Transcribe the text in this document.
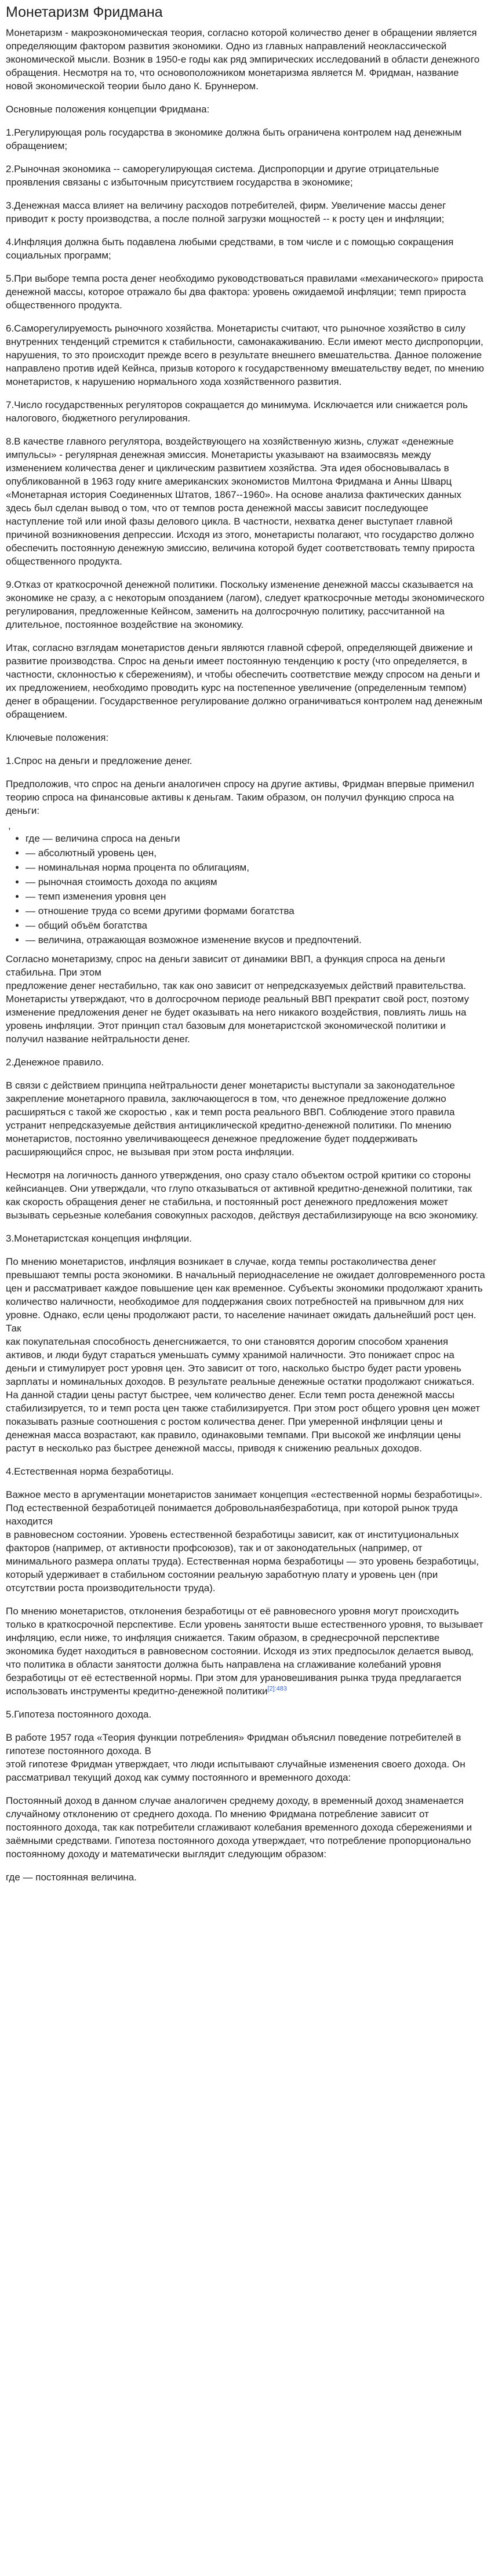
Монетаризм Фридмана

Монетаризм - макроэкономическая теория, согласно которой количество денег в обращении является определяющим фактором развития экономики. Одно из главных направлений неоклассической экономической мысли. Возник в 1950-е годы как ряд эмпирических исследований в области денежного обращения. Несмотря на то, что основоположником монетаризма является М. Фридман, название новой экономической теории было дано К. Бруннером.

Основные положения концепции Фридмана:

1.Регулирующая роль государства в экономике должна быть ограничена контролем над денежным обращением;

2.Рыночная экономика -- саморегулирующая система. Диспропорции и другие отрицательные проявления связаны с избыточным присутствием государства в экономике;

3.Денежная масса влияет на величину расходов потребителей, фирм. Увеличение массы денег приводит к росту производства, а после полной загрузки мощностей -- к росту цен и инфляции;

4.Инфляция должна быть подавлена любыми средствами, в том числе и с помощью сокращения социальных программ;

5.При выборе темпа роста денег необходимо руководствоваться правилами «механического» прироста денежной массы, которое отражало бы два фактора: уровень ожидаемой инфляции; темп прироста общественного продукта.

6.Саморегулируемость рыночного хозяйства. Монетаристы считают, что рыночное хозяйство в силу внутренних тенденций стремится к стабильности, самонакаживанию. Если имеют место диспропорции, нарушения, то это происходит прежде всего в результате внешнего вмешательства. Данное положение направлено против идей Кейнса, призыв которого к государственному вмешательству ведет, по мнению монетаристов, к нарушению нормального хода хозяйственного развития.

7.Число государственных регуляторов сокращается до минимума. Исключается или снижается роль налогового, бюджетного регулирования.

8.В качестве главного регулятора, воздействующего на хозяйственную жизнь, служат «денежные импульсы» - регулярная денежная эмиссия. Монетаристы указывают на взаимосвязь между изменением количества денег и циклическим развитием хозяйства. Эта идея обосновывалась в опубликованной в 1963 году книге американских экономистов Милтона Фридмана и Анны Шварц «Монетарная история Соединенных Штатов, 1867--1960». На основе анализа фактических данных здесь был сделан вывод о том, что от темпов роста денежной массы зависит последующее наступление той или иной фазы делового цикла. В частности, нехватка денег выступает главной причиной возникновения депрессии. Исходя из этого, монетаристы полагают, что государство должно обеспечить постоянную денежную эмиссию, величина которой будет соответствовать темпу прироста общественного продукта.

9.Отказ от краткосрочной денежной политики. Поскольку изменение денежной массы сказывается на экономике не сразу, а с некоторым опозданием (лагом), следует краткосрочные методы экономического регулирования, предложенные Кейнсом, заменить на долгосрочную политику, рассчитанной на длительное, постоянное воздействие на экономику.

Итак, согласно взглядам монетаристов деньги являются главной сферой, определяющей движение и развитие производства. Спрос на деньги имеет постоянную тенденцию к росту (что определяется, в частности, склонностью к сбережениям), и чтобы обеспечить соответствие между спросом на деньги и их предложением, необходимо проводить курс на постепенное увеличение (определенным темпом) денег в обращении. Государственное регулирование должно ограничиваться контролем над денежным обращением.

Ключевые положения:

1.Спрос на деньги и предложение денег.

Предположив, что спрос на деньги аналогичен спросу на другие активы, Фридман впервые применил теорию спроса на финансовые активы к деньгам. Таким образом, он получил функцию спроса на деньги:

,
• где — величина спроса на деньги
• — абсолютный уровень цен,
• — номинальная норма процента по облигациям,
• — рыночная стоимость дохода по акциям
• — темп изменения уровня цен
• — отношение труда со всеми другими формами богатства
• — общий объём богатства
• — величина, отражающая возможное изменение вкусов и предпочтений.

Согласно монетаризму, спрос на деньги зависит от динамики ВВП, а функция спроса на деньги стабильна. При этом
предложение денег нестабильно, так как оно зависит от непредсказуемых действий правительства. Монетаристы утверждают, что в долгосрочном периоде реальный ВВП прекратит свой рост, поэтому изменение предложения денег не будет оказывать на него никакого воздействия, повлиять лишь на уровень инфляции. Этот принцип стал базовым для монетаристской экономической политики и получил название нейтральности денег.

2.Денежное правило.

В связи с действием принципа нейтральности денег монетаристы выступали за законодательное закрепление монетарного правила, заключающегося в том, что денежное предложение должно расширяться с такой же скоростью , как и темп роста реального ВВП. Соблюдение этого правила устранит непредсказуемые действия антициклической кредитно-денежной политики. По мнению монетаристов, постоянно увеличивающееся денежное предложение будет поддерживать расширяющийся спрос, не вызывая при этом роста инфляции.

Несмотря на логичность данного утверждения, оно сразу стало объектом острой критики со стороны кейнсианцев. Они утверждали, что глупо отказываться от активной кредитно-денежной политики, так как скорость обращения денег не стабильна, и постоянный рост денежного предложения может вызывать серьезные колебания совокупных расходов, действуя дестабилизирующе на всю экономику.

3.Монетаристская концепция инфляции.

По мнению монетаристов, инфляция возникает в случае, когда темпы ростаколичества денег превышают темпы роста экономики. В начальный периоднаселение не ожидает долговременного роста цен и рассматривает каждое повышение цен как временное. Субъекты экономики продолжают хранить количество наличности, необходимое для поддержания своих потребностей на привычном для них уровне. Однако, если цены продолжают расти, то население начинает ожидать дальнейший рост цен. Так
как покупательная способность денегснижается, то они становятся дорогим способом хранения активов, и люди будут стараться уменьшать сумму хранимой наличности. Это понижает спрос на деньги и стимулирует рост уровня цен. Это зависит от того, насколько быстро будет расти уровень зарплаты и номинальных доходов. В результате реальные денежные остатки продолжают снижаться. На данной стадии цены растут быстрее, чем количество денег. Если темп роста денежной массы стабилизируется, то и темп роста цен также стабилизируется. При этом рост общего уровня цен может показывать разные соотношения с ростом количества денег. При умеренной инфляции цены и денежная масса возрастают, как правило, одинаковыми темпами. При высокой же инфляции цены растут в несколько раз быстрее денежной массы, приводя к снижению реальных доходов.

4.Естественная норма безработицы.

Важное место в аргументации монетаристов занимает концепция «естественной нормы безработицы». Под естественной безработицей понимается добровольнаябезработица, при которой рынок труда находится
в равновесном состоянии. Уровень естественной безработицы зависит, как от институциональных факторов (например, от активности профсоюзов), так и от законодательных (например, от минимального размера оплаты труда). Естественная норма безработицы — это уровень безработицы, который удерживает в стабильном состоянии реальную заработную плату и уровень цен (при отсутствии роста производительности труда).

По мнению монетаристов, отклонения безработицы от её равновесного уровня могут происходить только в краткосрочной перспективе. Если уровень занятости выше естественного уровня, то вызывает инфляцию, если ниже, то инфляция снижается. Таким образом, в среднесрочной перспективе экономика будет находиться в равновесном состоянии. Исходя из этих предпосылок делается вывод, что политика в области занятости должна быть направлена на сглаживание колебаний уровня безработицы от её естественной нормы. При этом для урановешивания рынка труда предлагается использовать инструменты кредитно-денежной политики$^{[2]:483}$

5.Гипотеза постоянного дохода.

В работе 1957 года «Теория функции потребления» Фридман объяснил поведение потребителей в гипотезе постоянного дохода. В
этой гипотезе Фридман утверждает, что люди испытывают случайные изменения своего дохода. Он рассматривал текущий доход как сумму постоянного и временного дохода:

Постоянный доход в данном случае аналогичен среднему доходу, в временный доход знаменается случайному отклонению от среднего дохода. По мнению Фридмана потребление зависит от постоянного дохода, так как потребители сглаживают колебания временного дохода сбережениями и заёмными средствами. Гипотеза постоянного дохода утверждает, что потребление пропорционально постоянному доходу и математически выглядит следующим образом:

где — постоянная величина.
